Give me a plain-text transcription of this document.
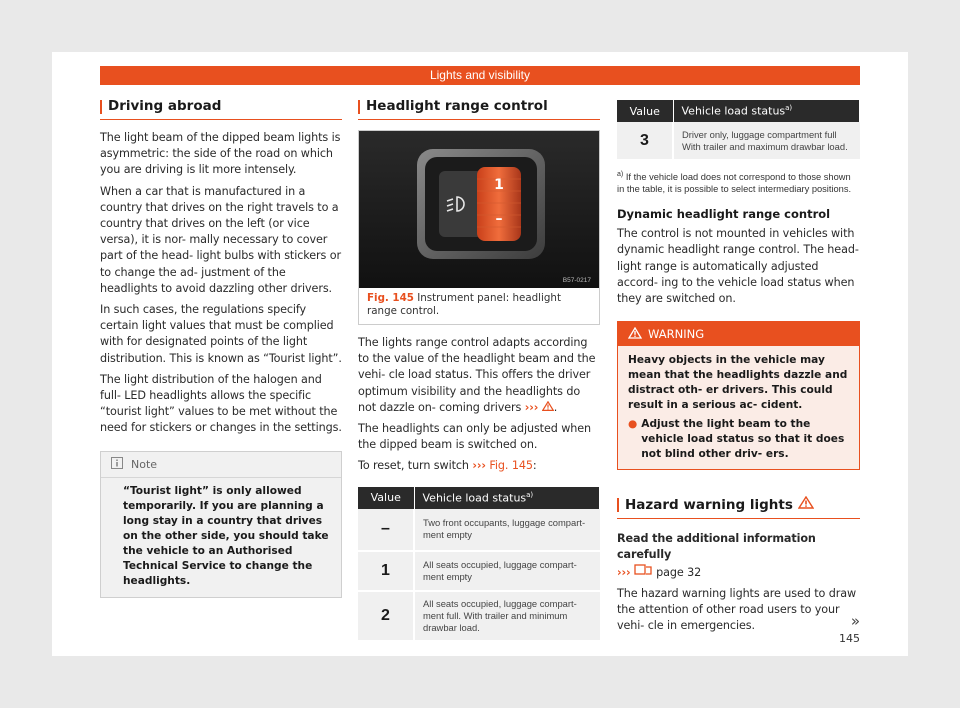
Lights and visibility
Driving abroad
The light beam of the dipped beam lights is asymmetric: the side of the road on which you are driving is lit more intensely.
When a car that is manufactured in a country that drives on the right travels to a country that drives on the left (or vice versa), it is nor- mally necessary to cover part of the head- light bulbs with stickers or to change the ad- justment of the headlights to avoid dazzling other drivers.
In such cases, the regulations specify certain light values that must be complied with for designated points of the light distribution. This is known as “Tourist light”.
The light distribution of the halogen and full- LED headlights allows the specific “tourist light” values to be met without the need for stickers or changes in the settings.
Note
“Tourist light” is only allowed temporarily. If you are planning a long stay in a country that drives on the other side, you should take the vehicle to an Authorised Technical Service to change the headlights.
Headlight range control
1
–
B57-0217
Fig. 145 Instrument panel: headlight range control.
The lights range control adapts according to the value of the headlight beam and the vehi- cle load status. This offers the driver optimum visibility and the headlights do not dazzle on- coming drivers ››› .
The headlights can only be adjusted when the dipped beam is switched on.
To reset, turn switch ››› Fig. 145:
Value	Vehicle load status$^{a)}$
–	Two front occupants, luggage compart- ment empty
1	All seats occupied, luggage compart- ment empty
2	All seats occupied, luggage compart- ment full. With trailer and minimum drawbar load.
Value	Vehicle load status$^{a)}$
3	Driver only, luggage compartment full With trailer and maximum drawbar load.
$^{a)}$ If the vehicle load does not correspond to those shown in the table, it is possible to select intermediary positions.
Dynamic headlight range control
The control is not mounted in vehicles with dynamic headlight range control. The head- light range is automatically adjusted accord- ing to the vehicle load status when they are switched on.
WARNING
Heavy objects in the vehicle may mean that the headlights dazzle and distract oth- er drivers. This could result in a serious ac- cident.
● Adjust the light beam to the vehicle load status so that it does not blind other driv- ers.
Hazard warning lights
Read the additional information carefully
››› page 32
The hazard warning lights are used to draw the attention of other road users to your vehi- cle in emergencies.	»
145
